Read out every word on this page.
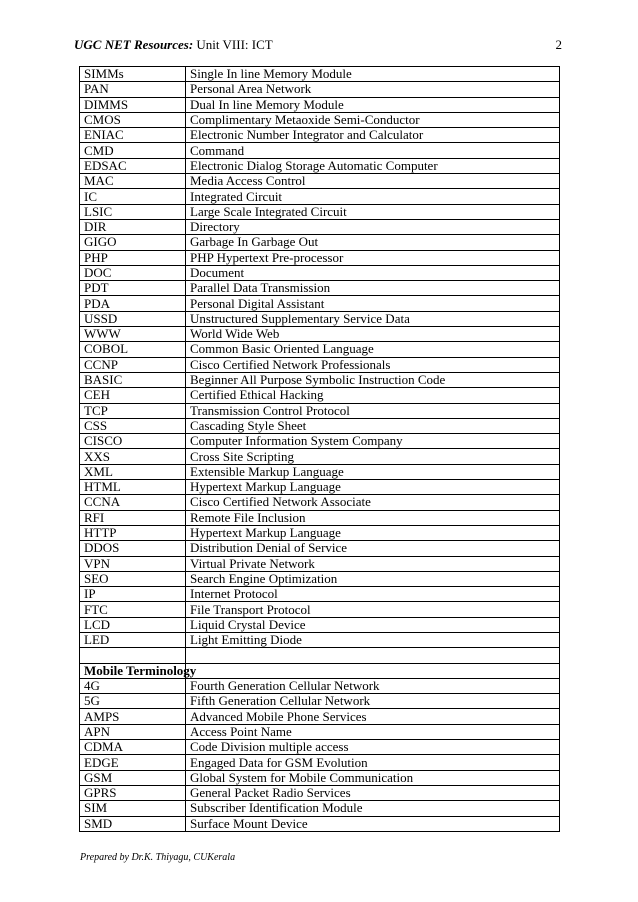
UGC NET Resources: Unit VIII: ICT	2
SIMMs	Single In line Memory Module
PAN	Personal Area Network
DIMMS	Dual In line Memory Module
CMOS	Complimentary Metaoxide Semi-Conductor
ENIAC	Electronic Number Integrator and Calculator
CMD	Command
EDSAC	Electronic Dialog Storage Automatic Computer
MAC	Media Access Control
IC	Integrated Circuit
LSIC	Large Scale Integrated Circuit
DIR	Directory
GIGO	Garbage In Garbage Out
PHP	PHP Hypertext Pre-processor
DOC	Document
PDT	Parallel Data Transmission
PDA	Personal Digital Assistant
USSD	Unstructured Supplementary Service Data
WWW	World Wide Web
COBOL	Common Basic Oriented Language
CCNP	Cisco Certified Network Professionals
BASIC	Beginner All Purpose Symbolic Instruction Code
CEH	Certified Ethical Hacking
TCP	Transmission Control Protocol
CSS	Cascading Style Sheet
CISCO	Computer Information System Company
XXS	Cross Site Scripting
XML	Extensible Markup Language
HTML	Hypertext Markup Language
CCNA	Cisco Certified Network Associate
RFI	Remote File Inclusion
HTTP	Hypertext Markup Language
DDOS	Distribution Denial of Service
VPN	Virtual Private Network
SEO	Search Engine Optimization
IP	Internet Protocol
FTC	File Transport Protocol
LCD	Liquid Crystal Device
LED	Light Emitting Diode

Mobile Terminology	
4G	Fourth Generation Cellular Network
5G	Fifth Generation Cellular Network
AMPS	Advanced Mobile Phone Services
APN	Access Point Name
CDMA	Code Division multiple access
EDGE	Engaged Data for GSM Evolution
GSM	Global System for Mobile Communication
GPRS	General Packet Radio Services
SIM	Subscriber Identification Module
SMD	Surface Mount Device
Prepared by Dr.K. Thiyagu, CUKerala
